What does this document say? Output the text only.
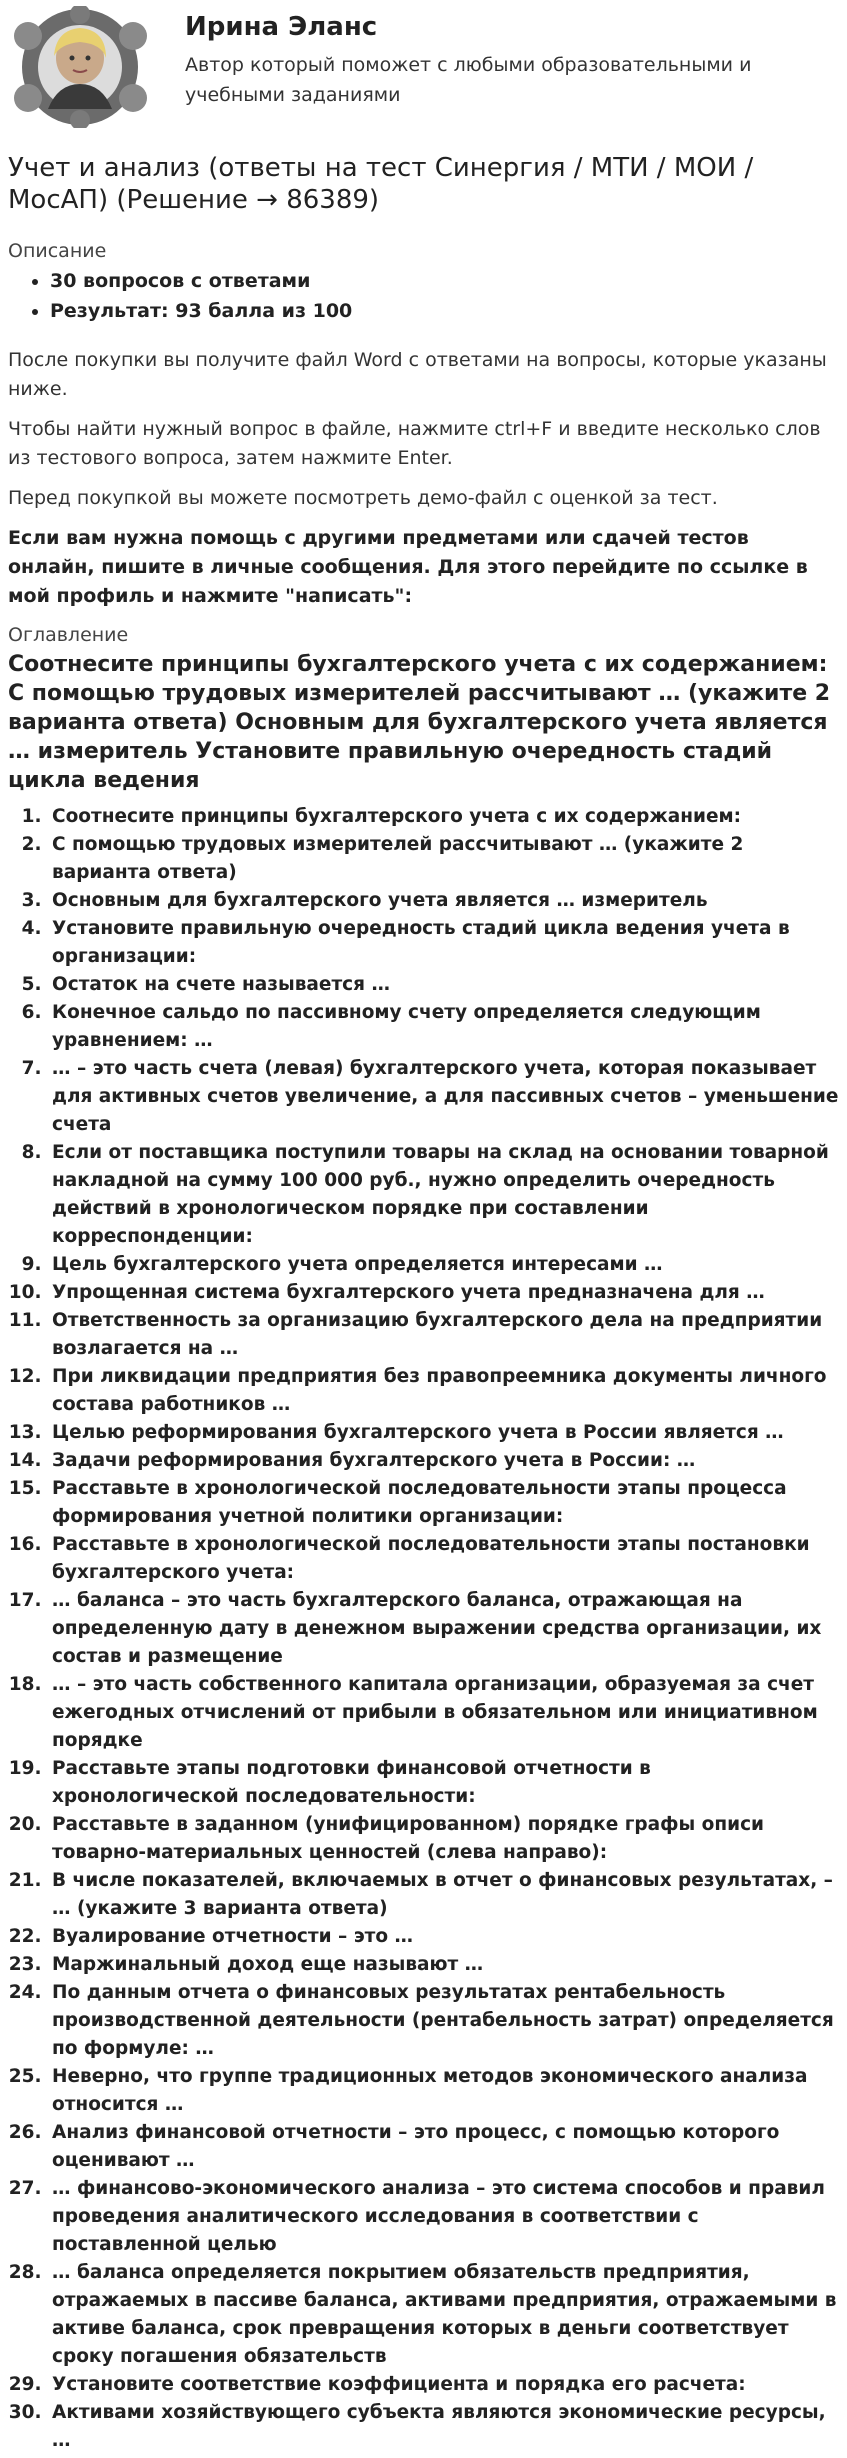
Ирина Эланс
Автор который поможет с любыми образовательными и учебными заданиями
Учет и анализ (ответы на тест Синергия / МТИ / МОИ / МосАП) (Решение → 86389)
Описание
• 30 вопросов с ответами
• Результат: 93 балла из 100

После покупки вы получите файл Word с ответами на вопросы, которые указаны ниже.

Чтобы найти нужный вопрос в файле, нажмите ctrl+F и введите несколько слов из тестового вопроса, затем нажмите Enter.

Перед покупкой вы можете посмотреть демо-файл с оценкой за тест.

Если вам нужна помощь с другими предметами или сдачей тестов онлайн, пишите в личные сообщения. Для этого перейдите по ссылке в мой профиль и нажмите "написать":

Оглавление
Соотнесите принципы бухгалтерского учета с их содержанием: С помощью трудовых измерителей рассчитывают … (укажите 2 варианта ответа) Основным для бухгалтерского учета является … измеритель Установите правильную очередность стадий цикла ведения
1. Соотнесите принципы бухгалтерского учета с их содержанием:
2. С помощью трудовых измерителей рассчитывают … (укажите 2 варианта ответа)
3. Основным для бухгалтерского учета является … измеритель
4. Установите правильную очередность стадий цикла ведения учета в организации:
5. Остаток на счете называется …
6. Конечное сальдо по пассивному счету определяется следующим уравнением: …
7. … – это часть счета (левая) бухгалтерского учета, которая показывает для активных счетов увеличение, а для пассивных счетов – уменьшение счета
8. Если от поставщика поступили товары на склад на основании товарной накладной на сумму 100 000 руб., нужно определить очередность действий в хронологическом порядке при составлении корреспонденции:
9. Цель бухгалтерского учета определяется интересами …
10. Упрощенная система бухгалтерского учета предназначена для …
11. Ответственность за организацию бухгалтерского дела на предприятии возлагается на …
12. При ликвидации предприятия без правопреемника документы личного состава работников …
13. Целью реформирования бухгалтерского учета в России является …
14. Задачи реформирования бухгалтерского учета в России: …
15. Расставьте в хронологической последовательности этапы процесса формирования учетной политики организации:
16. Расставьте в хронологической последовательности этапы постановки бухгалтерского учета:
17. … баланса – это часть бухгалтерского баланса, отражающая на определенную дату в денежном выражении средства организации, их состав и размещение
18. … – это часть собственного капитала организации, образуемая за счет ежегодных отчислений от прибыли в обязательном или инициативном порядке
19. Расставьте этапы подготовки финансовой отчетности в хронологической последовательности:
20. Расставьте в заданном (унифицированном) порядке графы описи товарно-материальных ценностей (слева направо):
21. В числе показателей, включаемых в отчет о финансовых результатах, – … (укажите 3 варианта ответа)
22. Вуалирование отчетности – это …
23. Маржинальный доход еще называют …
24. По данным отчета о финансовых результатах рентабельность производственной деятельности (рентабельность затрат) определяется по формуле: …
25. Неверно, что группе традиционных методов экономического анализа относится …
26. Анализ финансовой отчетности – это процесс, с помощью которого оценивают …
27. … финансово-экономического анализа – это система способов и правил проведения аналитического исследования в соответствии с поставленной целью
28. … баланса определяется покрытием обязательств предприятия, отражаемых в пассиве баланса, активами предприятия, отражаемыми в активе баланса, срок превращения которых в деньги соответствует сроку погашения обязательств
29. Установите соответствие коэффициента и порядка его расчета:
30. Активами хозяйствующего субъекта являются экономические ресурсы, …
